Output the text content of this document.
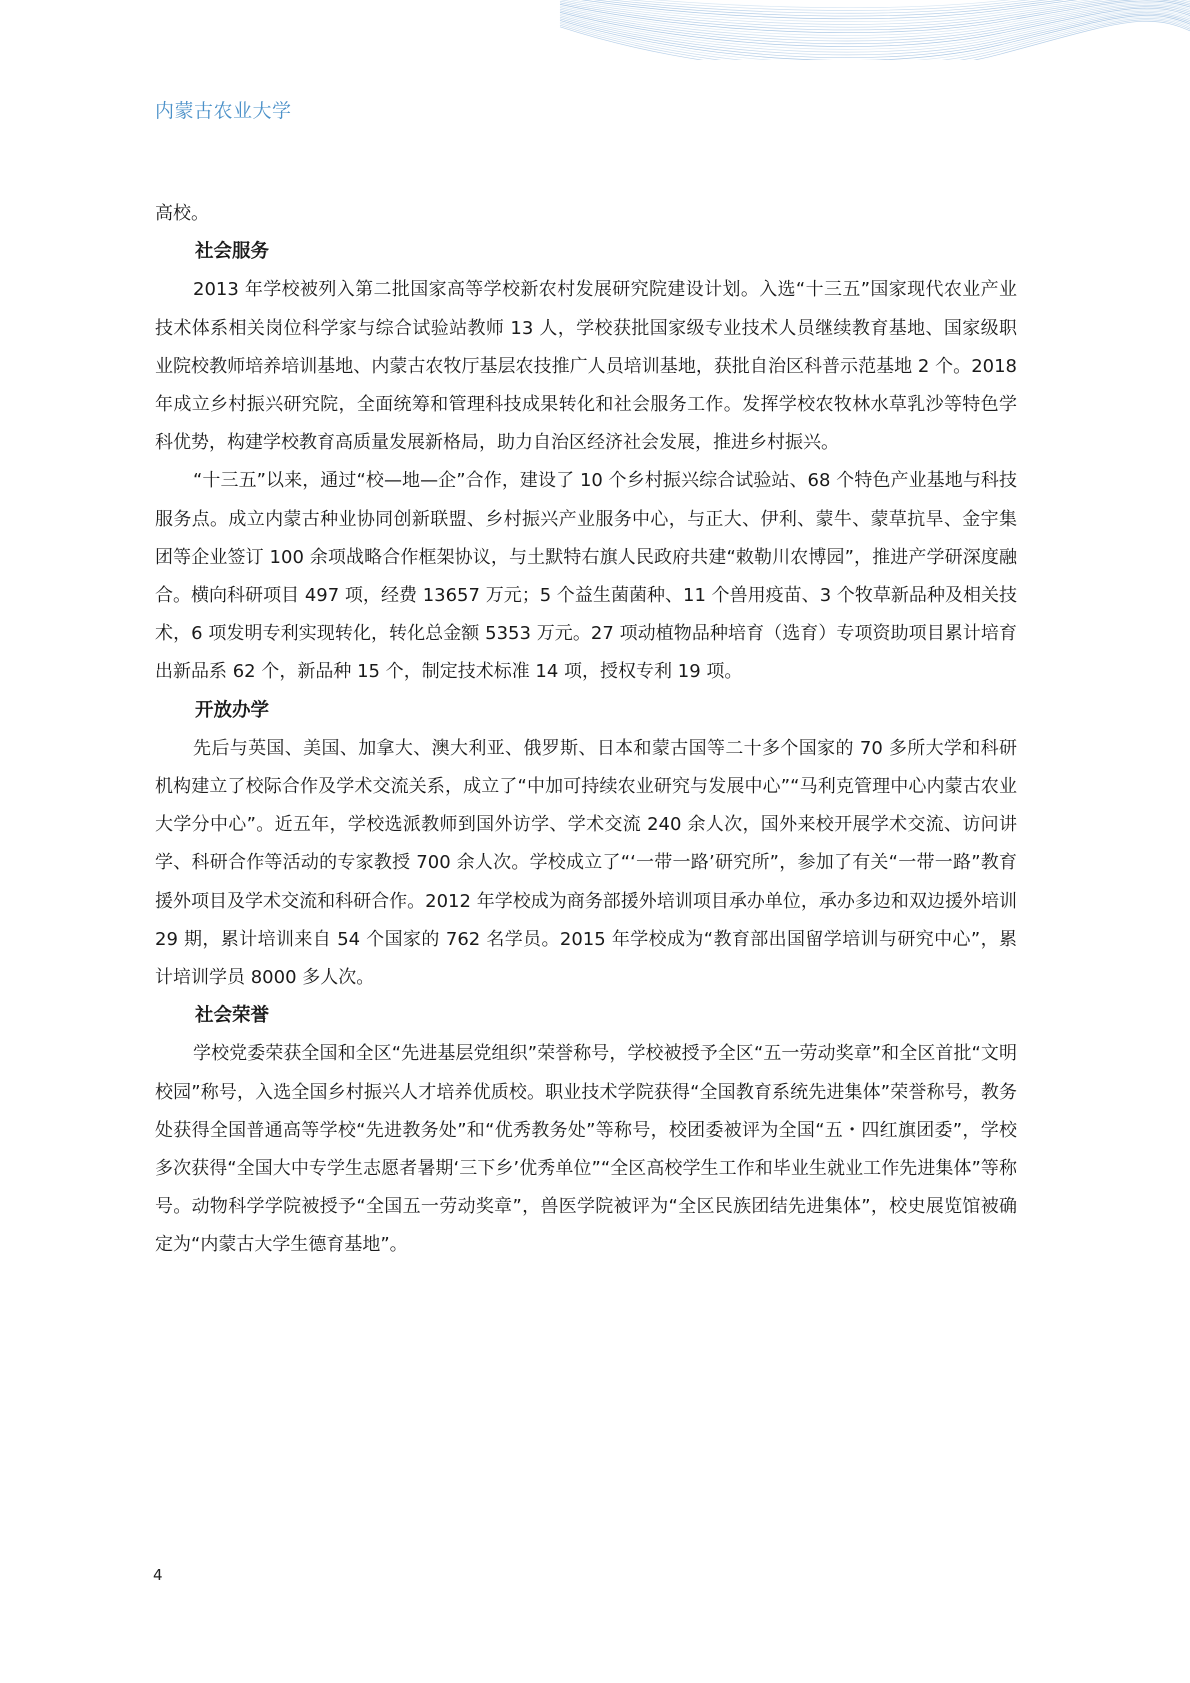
内蒙古农业大学

高校。

社会服务

2013 年学校被列入第二批国家高等学校新农村发展研究院建设计划。入选“十三五”国家现代农业产业技术体系相关岗位科学家与综合试验站教师 13 人，学校获批国家级专业技术人员继续教育基地、国家级职业院校教师培养培训基地、内蒙古农牧厅基层农技推广人员培训基地，获批自治区科普示范基地 2 个。2018 年成立乡村振兴研究院，全面统筹和管理科技成果转化和社会服务工作。发挥学校农牧林水草乳沙等特色学科优势，构建学校教育高质量发展新格局，助力自治区经济社会发展，推进乡村振兴。

“十三五”以来，通过“校—地—企”合作，建设了 10 个乡村振兴综合试验站、68 个特色产业基地与科技服务点。成立内蒙古种业协同创新联盟、乡村振兴产业服务中心，与正大、伊利、蒙牛、蒙草抗旱、金宇集团等企业签订 100 余项战略合作框架协议，与土默特右旗人民政府共建“敕勒川农博园”，推进产学研深度融合。横向科研项目 497 项，经费 13657 万元；5 个益生菌菌种、11 个兽用疫苗、3 个牧草新品种及相关技术，6 项发明专利实现转化，转化总金额 5353 万元。27 项动植物品种培育（选育）专项资助项目累计培育出新品系 62 个，新品种 15 个，制定技术标准 14 项，授权专利 19 项。

开放办学

先后与英国、美国、加拿大、澳大利亚、俄罗斯、日本和蒙古国等二十多个国家的 70 多所大学和科研机构建立了校际合作及学术交流关系，成立了“中加可持续农业研究与发展中心”“马利克管理中心内蒙古农业大学分中心”。近五年，学校选派教师到国外访学、学术交流 240 余人次，国外来校开展学术交流、访问讲学、科研合作等活动的专家教授 700 余人次。学校成立了“‘一带一路’研究所”，参加了有关“一带一路”教育援外项目及学术交流和科研合作。2012 年学校成为商务部援外培训项目承办单位，承办多边和双边援外培训 29 期，累计培训来自 54 个国家的 762 名学员。2015 年学校成为“教育部出国留学培训与研究中心”，累计培训学员 8000 多人次。

社会荣誉

学校党委荣获全国和全区“先进基层党组织”荣誉称号，学校被授予全区“五一劳动奖章”和全区首批“文明校园”称号，入选全国乡村振兴人才培养优质校。职业技术学院获得“全国教育系统先进集体”荣誉称号，教务处获得全国普通高等学校“先进教务处”和“优秀教务处”等称号，校团委被评为全国“五・四红旗团委”，学校多次获得“全国大中专学生志愿者暑期‘三下乡’优秀单位”“全区高校学生工作和毕业生就业工作先进集体”等称号。动物科学学院被授予“全国五一劳动奖章”，兽医学院被评为“全区民族团结先进集体”，校史展览馆被确定为“内蒙古大学生德育基地”。

4
